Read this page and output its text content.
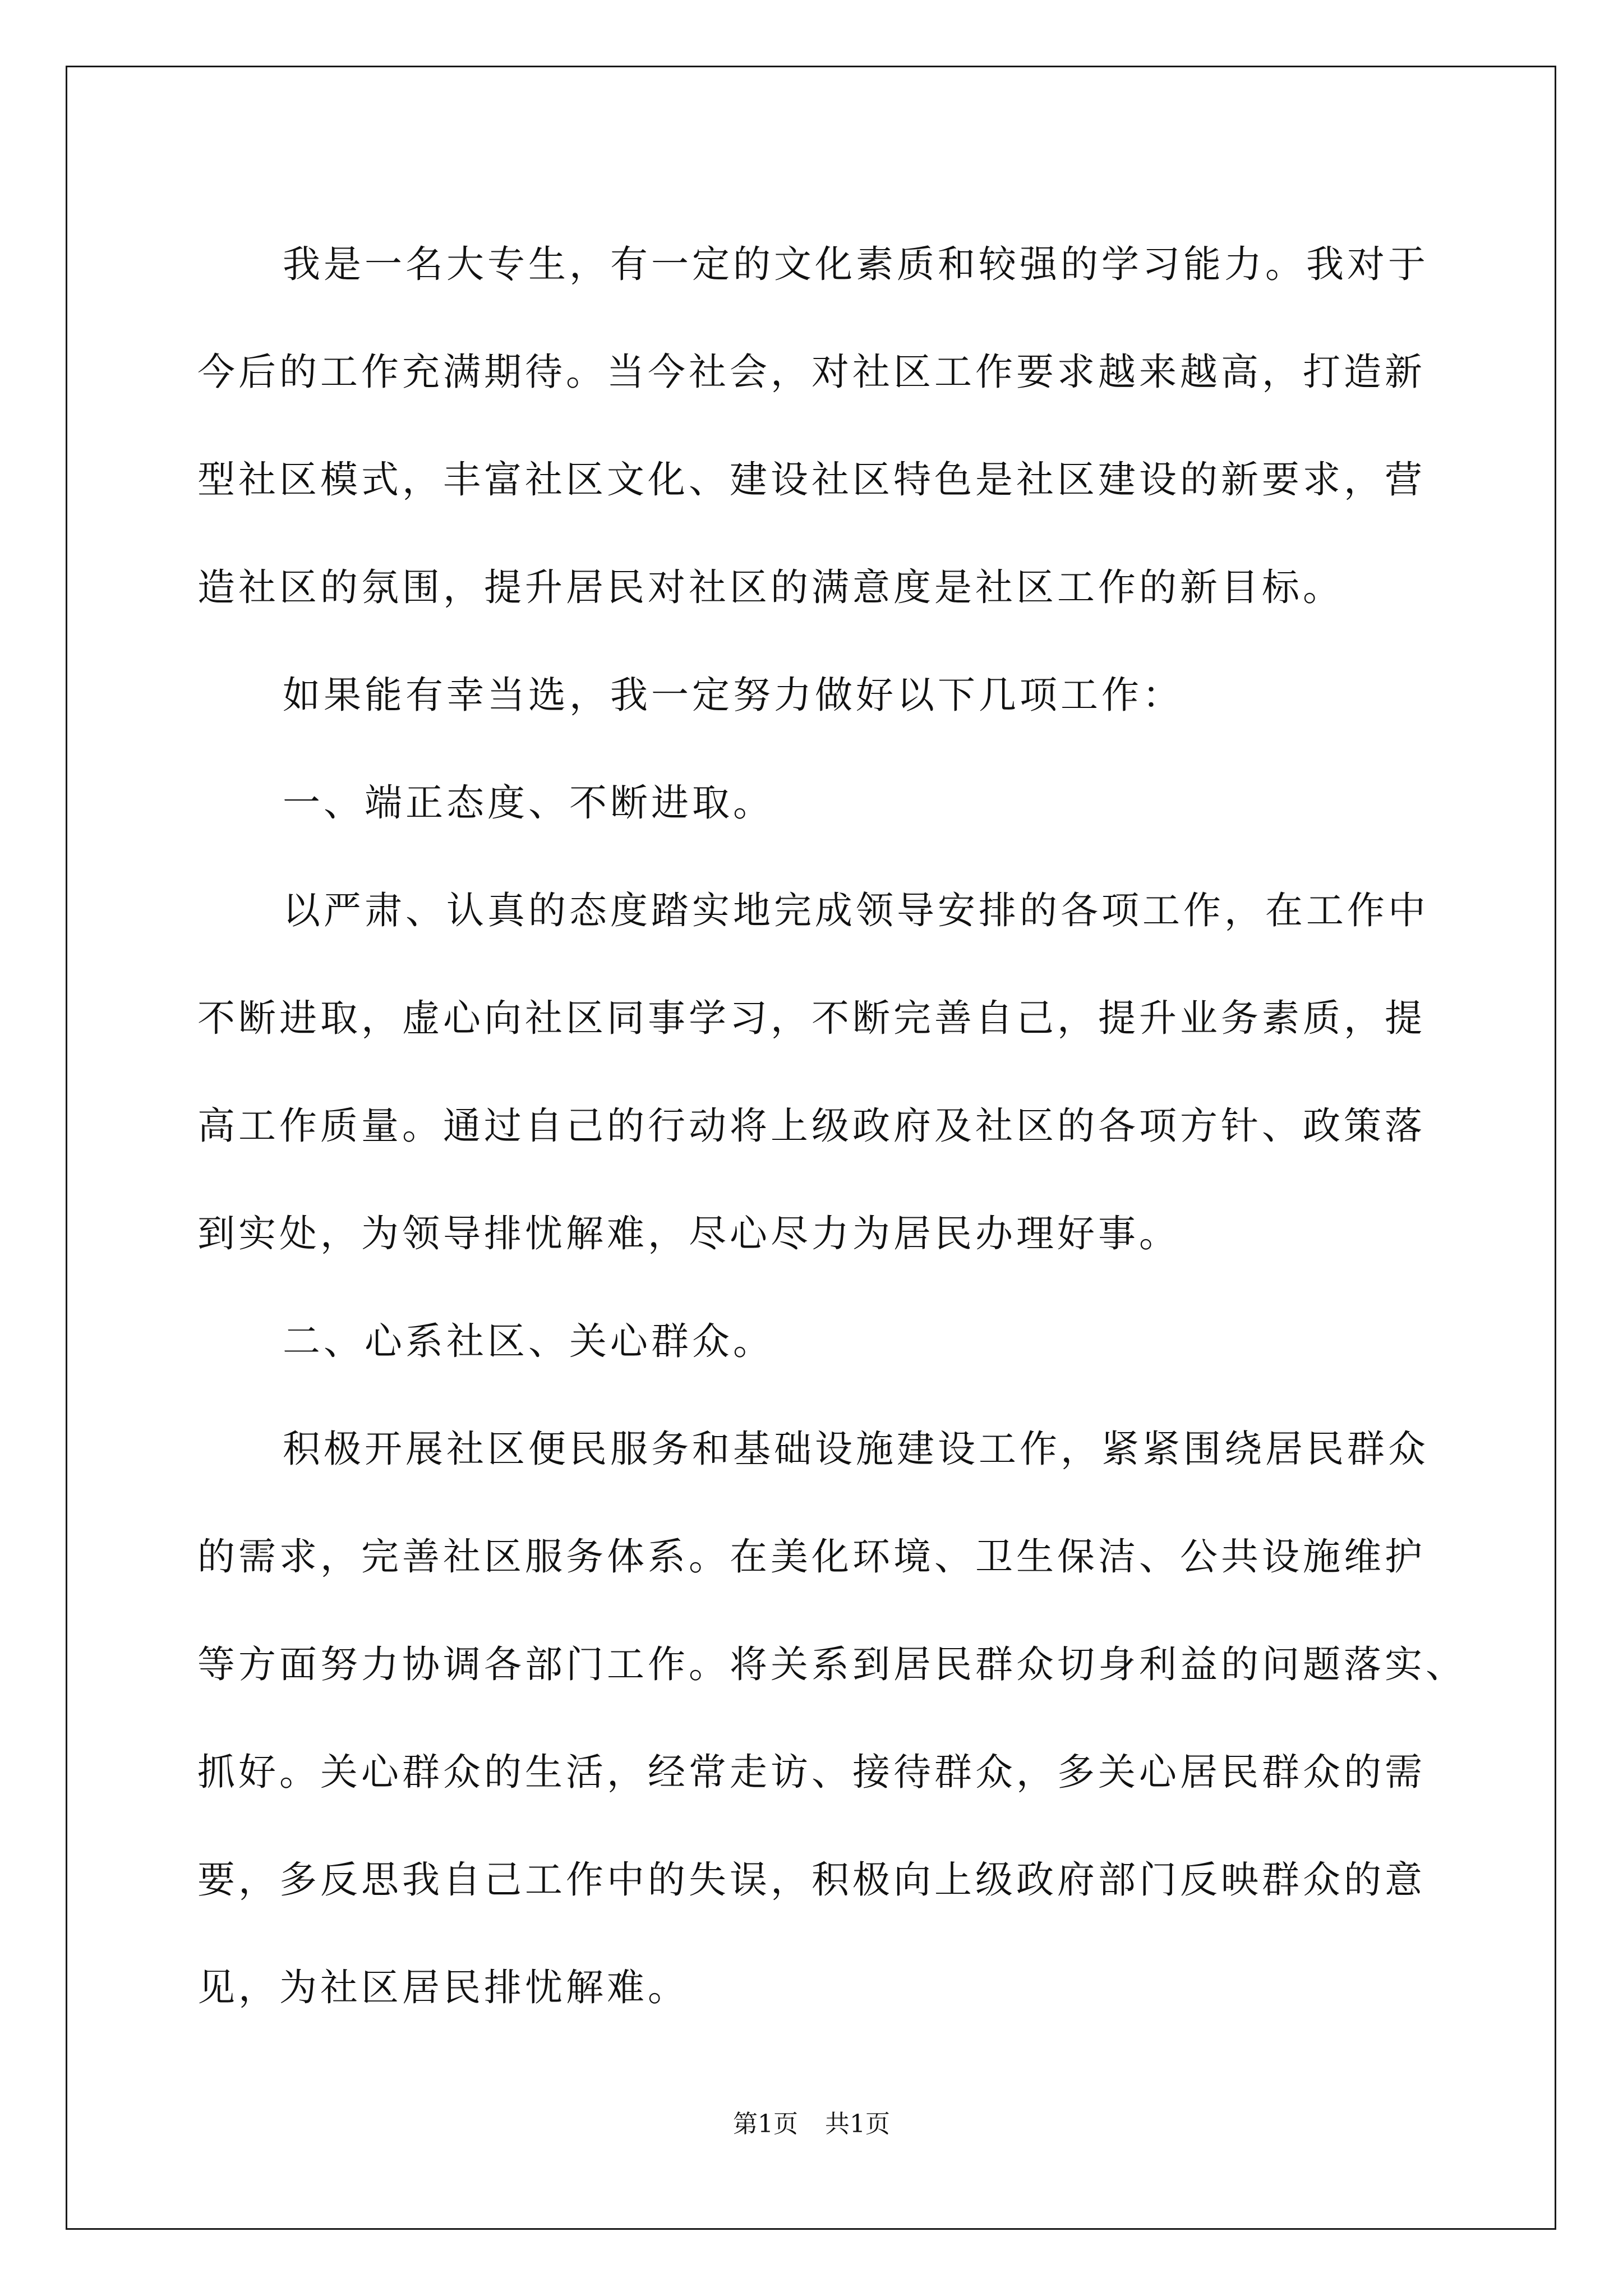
我是一名大专生，有一定的文化素质和较强的学习能力。我对于
今后的工作充满期待。当今社会，对社区工作要求越来越高，打造新
型社区模式，丰富社区文化、建设社区特色是社区建设的新要求，营
造社区的氛围，提升居民对社区的满意度是社区工作的新目标。
如果能有幸当选，我一定努力做好以下几项工作：
一、端正态度、不断进取。
以严肃、认真的态度踏实地完成领导安排的各项工作，在工作中
不断进取，虚心向社区同事学习，不断完善自己，提升业务素质，提
高工作质量。通过自己的行动将上级政府及社区的各项方针、政策落
到实处，为领导排忧解难，尽心尽力为居民办理好事。
二、心系社区、关心群众。
积极开展社区便民服务和基础设施建设工作，紧紧围绕居民群众
的需求，完善社区服务体系。在美化环境、卫生保洁、公共设施维护
等方面努力协调各部门工作。将关系到居民群众切身利益的问题落实、
抓好。关心群众的生活，经常走访、接待群众，多关心居民群众的需
要，多反思我自己工作中的失误，积极向上级政府部门反映群众的意
见，为社区居民排忧解难。
第1页 共1页
